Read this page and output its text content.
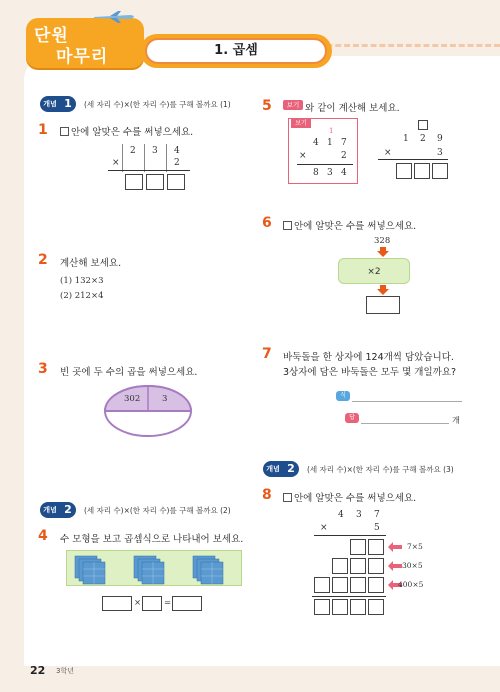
단원
마무리	1. 곱셈
개념 1	(세 자리 수)×(한 자리 수)를 구해 볼까요 (1)
1	안에 알맞은 수를 써넣으세요.
2 3 4
×	2
2 계산해 보세요.
(1) 132×3
(2) 212×4
3 빈 곳에 두 수의 곱을 써넣으세요.
302	3
개념 2	(세 자리 수)×(한 자리 수)를 구해 볼까요 (2)
4 수 모형을 보고 곱셈식으로 나타내어 보세요.
×	=
5	보기 와 같이 계산해 보세요.
보기
1
4 1 7
×	2
8 3 4
1 2 9
×	3
6	안에 알맞은 수를 써넣으세요.
328
×2
7 바둑돌을 한 상자에 124개씩 담았습니다.
3상자에 담은 바둑돌은 모두 몇 개일까요?
식
답	개
개념 2	(세 자리 수)×(한 자리 수)를 구해 볼까요 (3)
8	안에 알맞은 수를 써넣으세요.
4 3 7
×	5
7×5
30×5
400×5
22 3학년
